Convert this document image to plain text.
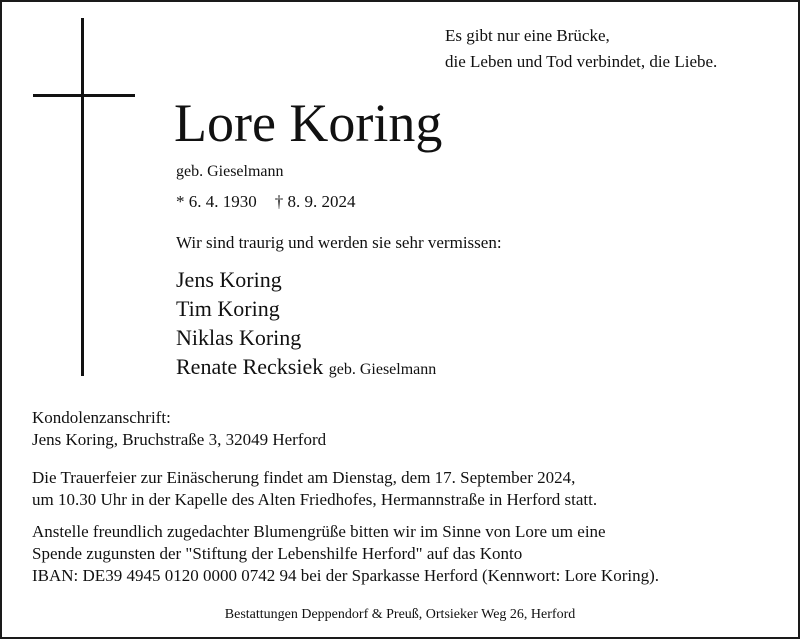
Es gibt nur eine Brücke,
die Leben und Tod verbindet, die Liebe.
Lore Koring
geb. Gieselmann
* 6. 4. 1930 † 8. 9. 2024
Wir sind traurig und werden sie sehr vermissen:
Jens Koring
Tim Koring
Niklas Koring
Renate Recksiek geb. Gieselmann
Kondolenzanschrift:
Jens Koring, Bruchstraße 3, 32049 Herford
Die Trauerfeier zur Einäscherung findet am Dienstag, dem 17. September 2024,
um 10.30 Uhr in der Kapelle des Alten Friedhofes, Hermannstraße in Herford statt.
Anstelle freundlich zugedachter Blumengrüße bitten wir im Sinne von Lore um eine
Spende zugunsten der "Stiftung der Lebenshilfe Herford" auf das Konto
IBAN: DE39 4945 0120 0000 0742 94 bei der Sparkasse Herford (Kennwort: Lore Koring).
Bestattungen Deppendorf & Preuß, Ortsieker Weg 26, Herford
